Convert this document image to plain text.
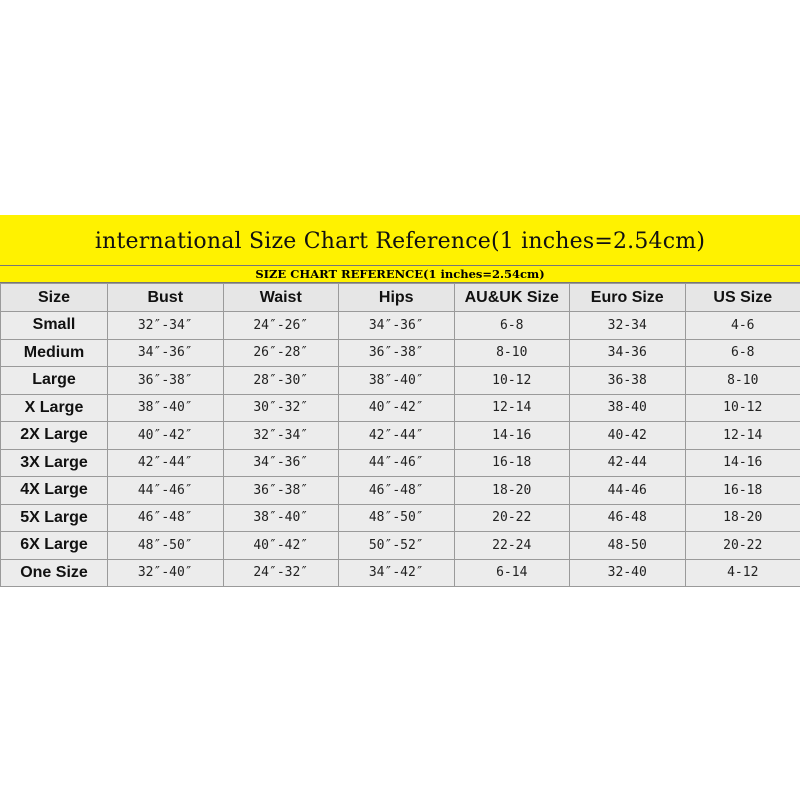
international Size Chart Reference(1 inches=2.54cm)
SIZE CHART REFERENCE(1 inches=2.54cm)
Size	Bust	Waist	Hips	AU&UK Size	Euro Size	US Size
Small	32″-34″	24″-26″	34″-36″	6-8	32-34	4-6
Medium	34″-36″	26″-28″	36″-38″	8-10	34-36	6-8
Large	36″-38″	28″-30″	38″-40″	10-12	36-38	8-10
X Large	38″-40″	30″-32″	40″-42″	12-14	38-40	10-12
2X Large	40″-42″	32″-34″	42″-44″	14-16	40-42	12-14
3X Large	42″-44″	34″-36″	44″-46″	16-18	42-44	14-16
4X Large	44″-46″	36″-38″	46″-48″	18-20	44-46	16-18
5X Large	46″-48″	38″-40″	48″-50″	20-22	46-48	18-20
6X Large	48″-50″	40″-42″	50″-52″	22-24	48-50	20-22
One Size	32″-40″	24″-32″	34″-42″	6-14	32-40	4-12
